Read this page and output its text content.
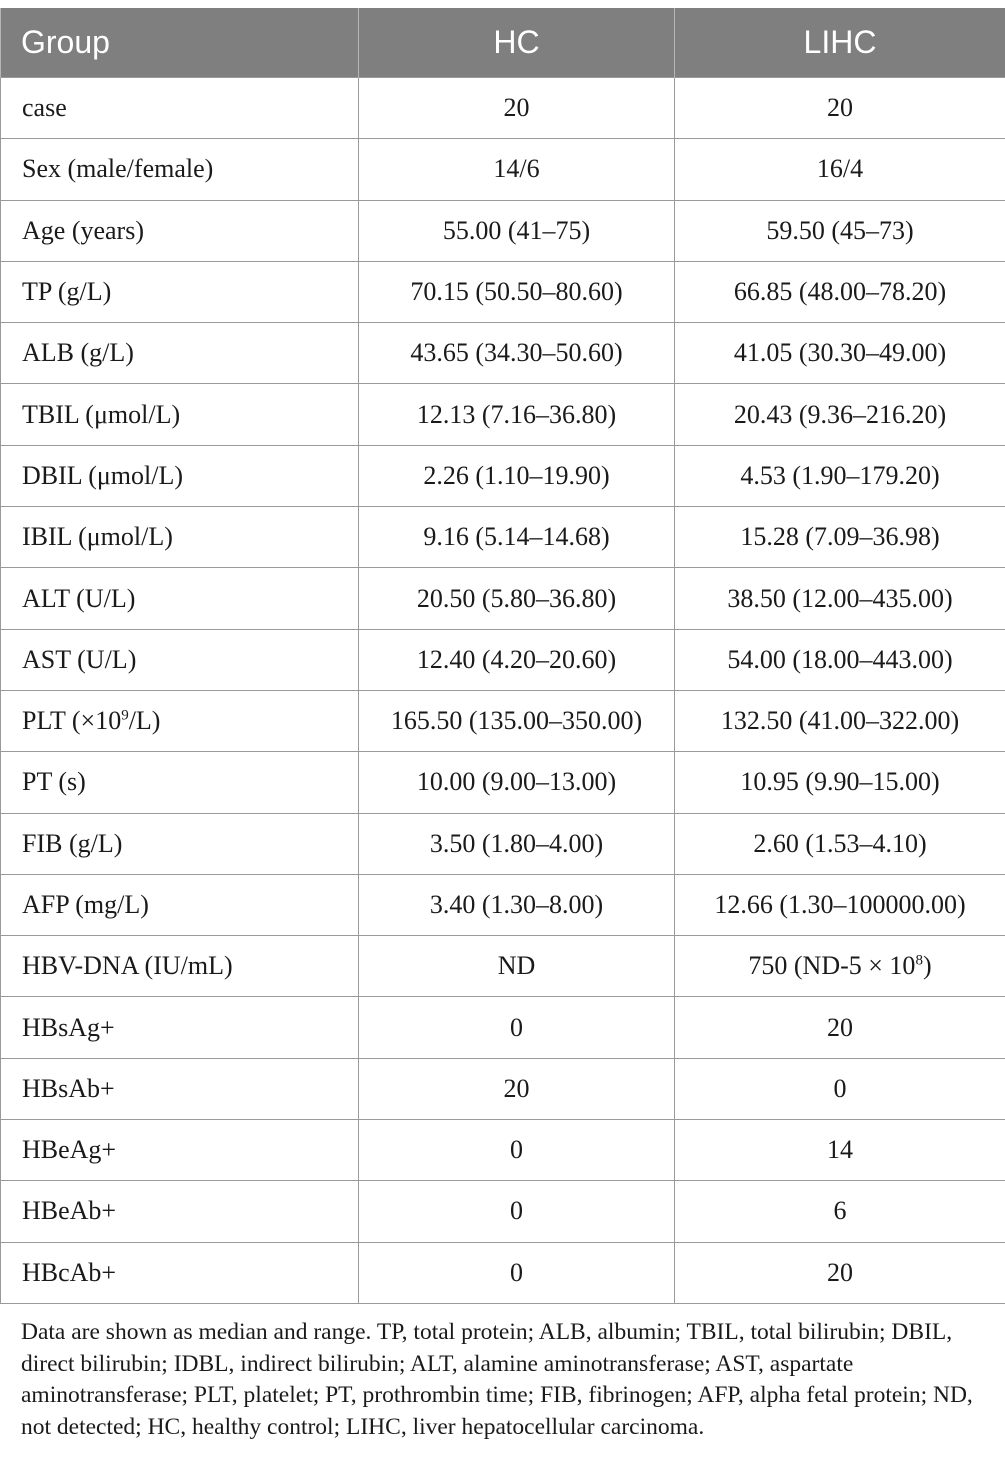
Group	HC	LIHC
case	20	20
Sex (male/female)	14/6	16/4
Age (years)	55.00 (41–75)	59.50 (45–73)
TP (g/L)	70.15 (50.50–80.60)	66.85 (48.00–78.20)
ALB (g/L)	43.65 (34.30–50.60)	41.05 (30.30–49.00)
TBIL (μmol/L)	12.13 (7.16–36.80)	20.43 (9.36–216.20)
DBIL (μmol/L)	2.26 (1.10–19.90)	4.53 (1.90–179.20)
IBIL (μmol/L)	9.16 (5.14–14.68)	15.28 (7.09–36.98)
ALT (U/L)	20.50 (5.80–36.80)	38.50 (12.00–435.00)
AST (U/L)	12.40 (4.20–20.60)	54.00 (18.00–443.00)
PLT $(\times 10^9/L)$	165.50 (135.00–350.00)	132.50 (41.00–322.00)
PT (s)	10.00 (9.00–13.00)	10.95 (9.90–15.00)
FIB (g/L)	3.50 (1.80–4.00)	2.60 (1.53–4.10)
AFP (mg/L)	3.40 (1.30–8.00)	12.66 (1.30–100000.00)
HBV-DNA (IU/mL)	ND	750 $(ND-5 \times 10^8)$
HBsAg+	0	20
HBsAb+	20	0
HBeAg+	0	14
HBeAb+	0	6
HBcAb+	0	20

Data are shown as median and range. TP, total protein; ALB, albumin; TBIL, total bilirubin; DBIL, direct bilirubin; IDBL, indirect bilirubin; ALT, alamine aminotransferase; AST, aspartate aminotransferase; PLT, platelet; PT, prothrombin time; FIB, fibrinogen; AFP, alpha fetal protein; ND, not detected; HC, healthy control; LIHC, liver hepatocellular carcinoma.
